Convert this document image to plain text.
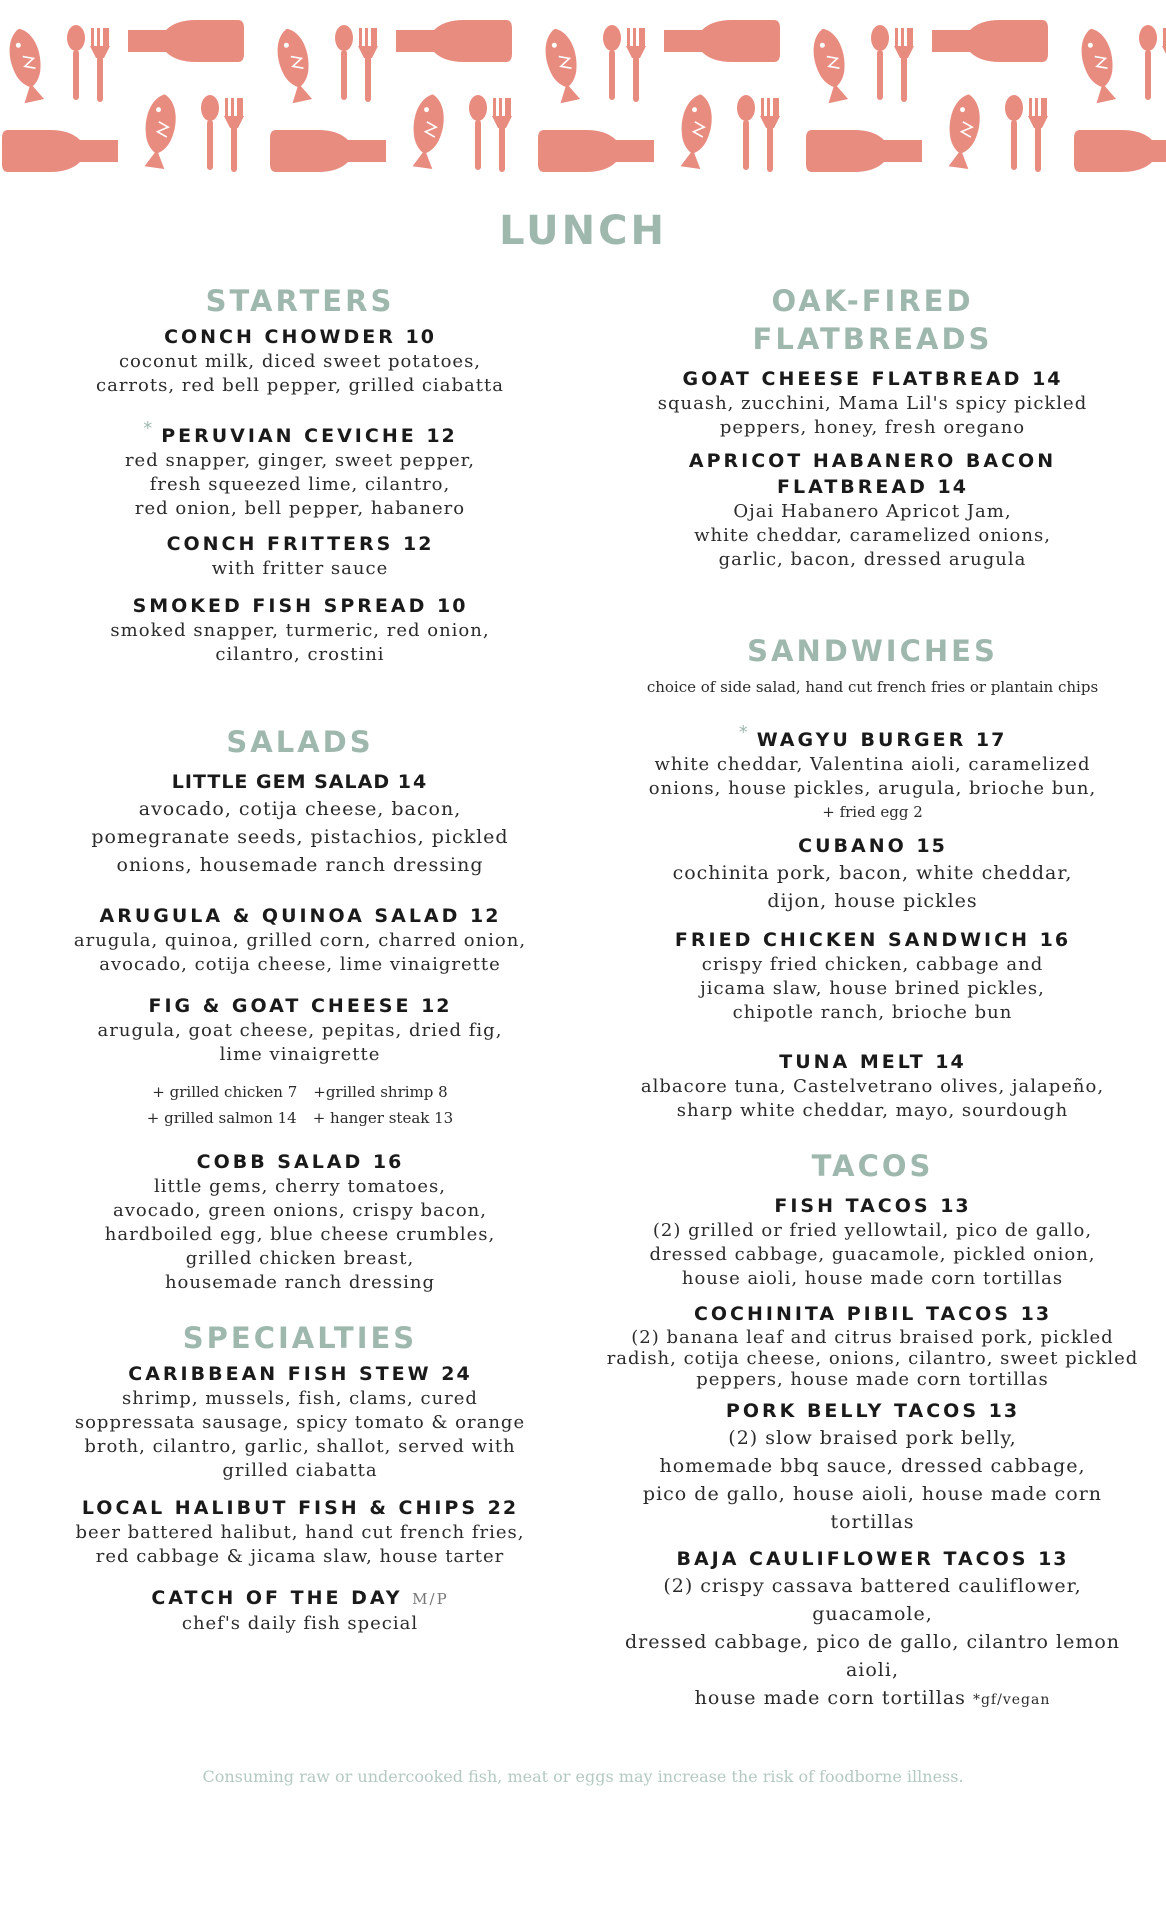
LUNCH
STARTERS
CONCH CHOWDER 10
coconut milk, diced sweet potatoes,
carrots, red bell pepper, grilled ciabatta
* PERUVIAN CEVICHE 12
red snapper, ginger, sweet pepper,
fresh squeezed lime, cilantro,
red onion, bell pepper, habanero
CONCH FRITTERS 12
with fritter sauce
SMOKED FISH SPREAD 10
smoked snapper, turmeric, red onion,
cilantro, crostini
SALADS
LITTLE GEM SALAD 14
avocado, cotija cheese, bacon,
pomegranate seeds, pistachios, pickled
onions, housemade ranch dressing
ARUGULA & QUINOA SALAD 12
arugula, quinoa, grilled corn, charred onion,
avocado, cotija cheese, lime vinaigrette
FIG & GOAT CHEESE 12
arugula, goat cheese, pepitas, dried fig,
lime vinaigrette
+ grilled chicken 7 +grilled shrimp 8
+ grilled salmon 14 + hanger steak 13
COBB SALAD 16
little gems, cherry tomatoes,
avocado, green onions, crispy bacon,
hardboiled egg, blue cheese crumbles,
grilled chicken breast,
housemade ranch dressing
SPECIALTIES
CARIBBEAN FISH STEW 24
shrimp, mussels, fish, clams, cured
soppressata sausage, spicy tomato & orange
broth, cilantro, garlic, shallot, served with
grilled ciabatta
LOCAL HALIBUT FISH & CHIPS 22
beer battered halibut, hand cut french fries,
red cabbage & jicama slaw, house tarter
CATCH OF THE DAY M/P
chef's daily fish special
OAK-FIRED
FLATBREADS
GOAT CHEESE FLATBREAD 14
squash, zucchini, Mama Lil's spicy pickled
peppers, honey, fresh oregano
APRICOT HABANERO BACON
FLATBREAD 14
Ojai Habanero Apricot Jam,
white cheddar, caramelized onions,
garlic, bacon, dressed arugula
SANDWICHES
choice of side salad, hand cut french fries or plantain chips
* WAGYU BURGER 17
white cheddar, Valentina aioli, caramelized
onions, house pickles, arugula, brioche bun,
+ fried egg 2
CUBANO 15
cochinita pork, bacon, white cheddar,
dijon, house pickles
FRIED CHICKEN SANDWICH 16
crispy fried chicken, cabbage and
jicama slaw, house brined pickles,
chipotle ranch, brioche bun
TUNA MELT 14
albacore tuna, Castelvetrano olives, jalapeño,
sharp white cheddar, mayo, sourdough
TACOS
FISH TACOS 13
(2) grilled or fried yellowtail, pico de gallo,
dressed cabbage, guacamole, pickled onion,
house aioli, house made corn tortillas
COCHINITA PIBIL TACOS 13
(2) banana leaf and citrus braised pork, pickled
radish, cotija cheese, onions, cilantro, sweet pickled
peppers, house made corn tortillas
PORK BELLY TACOS 13
(2) slow braised pork belly,
homemade bbq sauce, dressed cabbage,
pico de gallo, house aioli, house made corn tortillas
BAJA CAULIFLOWER TACOS 13
(2) crispy cassava battered cauliflower, guacamole,
dressed cabbage, pico de gallo, cilantro lemon aioli,
house made corn tortillas *gf/vegan
Consuming raw or undercooked fish, meat or eggs may increase the risk of foodborne illness.
